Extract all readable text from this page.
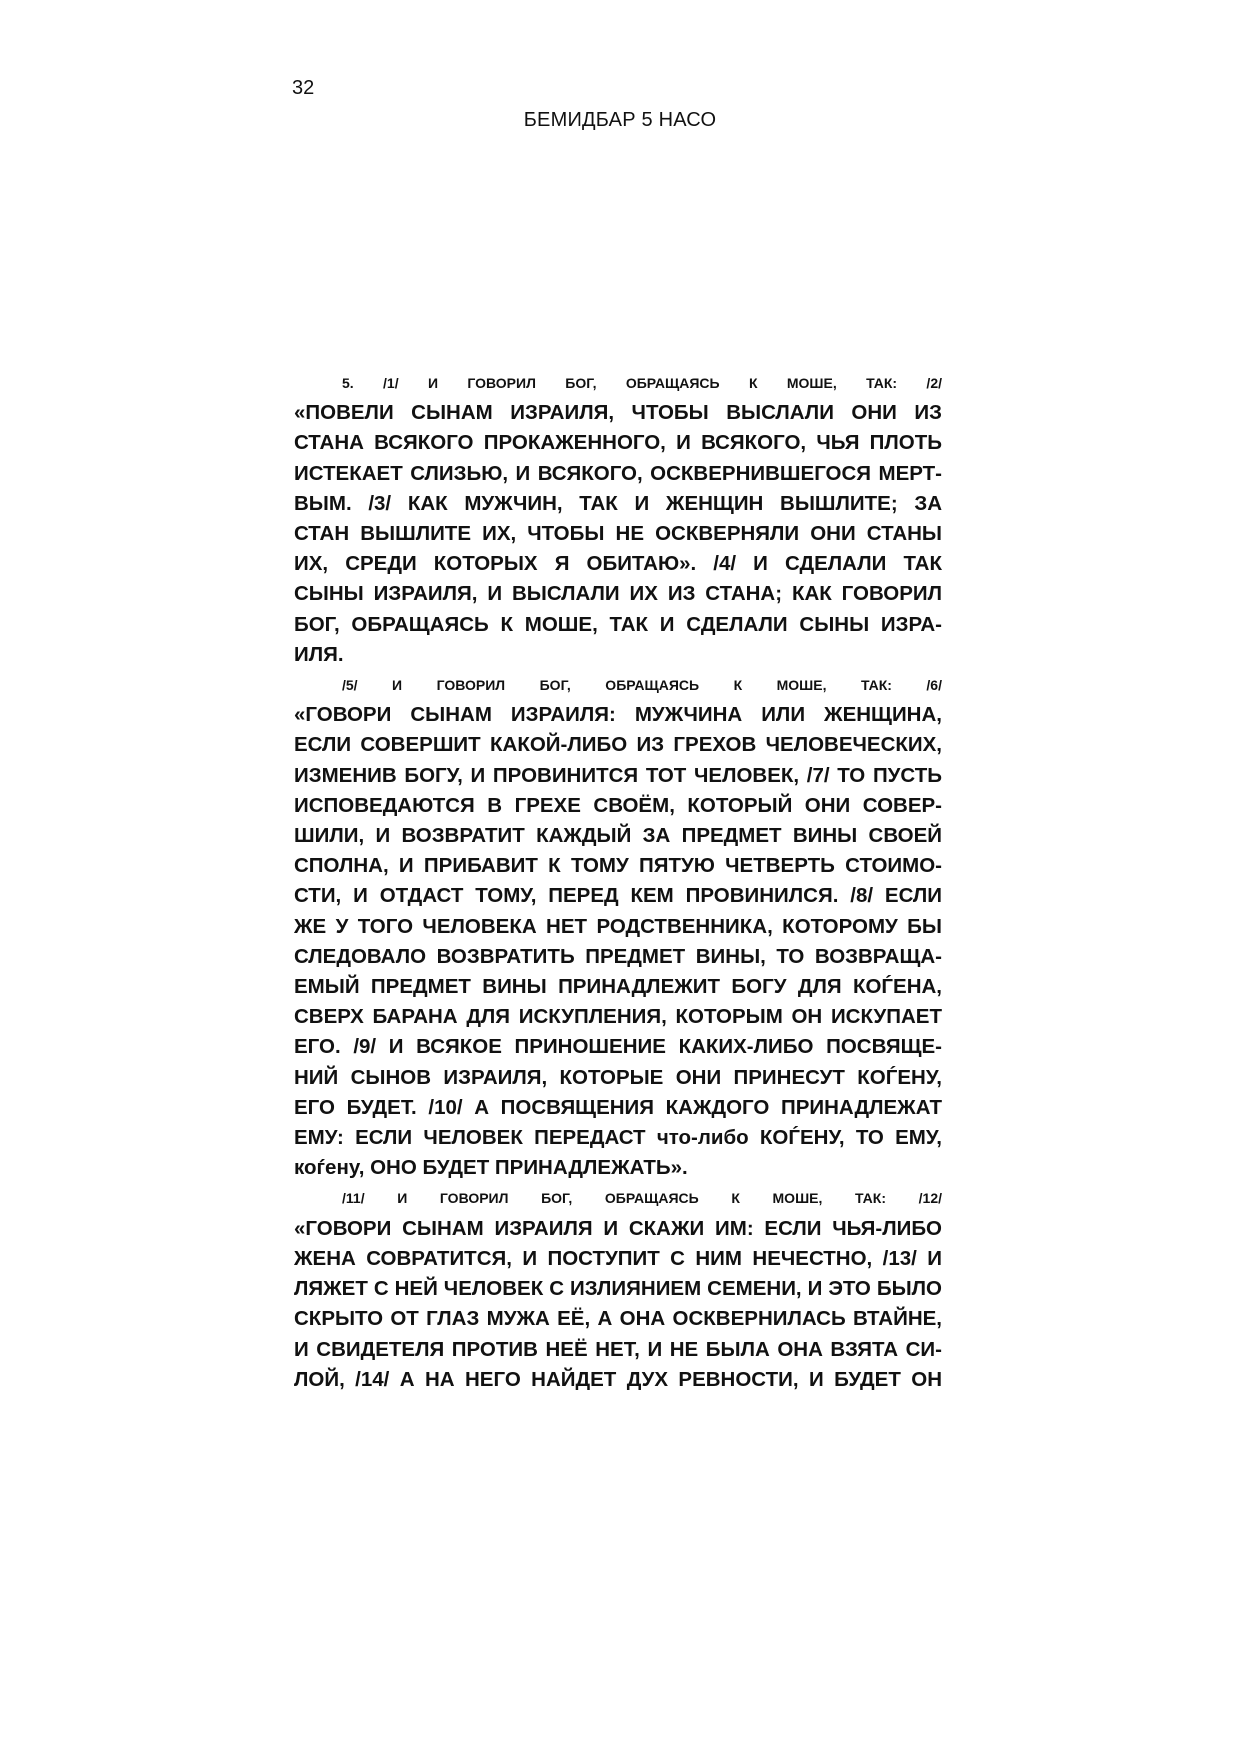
32
БЕМИДБАР 5 НАСО
5. /1/ И ГОВОРИЛ БОГ, ОБРАЩАЯСЬ К МОШЕ, ТАК: /2/
«ПОВЕЛИ СЫНАМ ИЗРАИЛЯ, ЧТОБЫ ВЫСЛАЛИ ОНИ ИЗ
СТАНА ВСЯКОГО ПРОКАЖЕННОГО, И ВСЯКОГО, ЧЬЯ ПЛОТЬ
ИСТЕКАЕТ СЛИЗЬЮ, И ВСЯКОГО, ОСКВЕРНИВШЕГОСЯ МЕРТ-
ВЫМ. /3/ КАК МУЖЧИН, ТАК И ЖЕНЩИН ВЫШЛИТЕ; ЗА
СТАН ВЫШЛИТЕ ИХ, ЧТОБЫ НЕ ОСКВЕРНЯЛИ ОНИ СТАНЫ
ИХ, СРЕДИ КОТОРЫХ Я ОБИТАЮ». /4/ И СДЕЛАЛИ ТАК
СЫНЫ ИЗРАИЛЯ, И ВЫСЛАЛИ ИХ ИЗ СТАНА; КАК ГОВОРИЛ
БОГ, ОБРАЩАЯСЬ К МОШЕ, ТАК И СДЕЛАЛИ СЫНЫ ИЗРА-
ИЛЯ.
/5/ И ГОВОРИЛ БОГ, ОБРАЩАЯСЬ К МОШЕ, ТАК: /6/
«ГОВОРИ СЫНАМ ИЗРАИЛЯ: МУЖЧИНА ИЛИ ЖЕНЩИНА,
ЕСЛИ СОВЕРШИТ КАКОЙ-ЛИБО ИЗ ГРЕХОВ ЧЕЛОВЕЧЕСКИХ,
ИЗМЕНИВ БОГУ, И ПРОВИНИТСЯ ТОТ ЧЕЛОВЕК, /7/ ТО ПУСТЬ
ИСПОВЕДАЮТСЯ В ГРЕХЕ СВОЁМ, КОТОРЫЙ ОНИ СОВЕР-
ШИЛИ, И ВОЗВРАТИТ КАЖДЫЙ ЗА ПРЕДМЕТ ВИНЫ СВОЕЙ
СПОЛНА, И ПРИБАВИТ К ТОМУ ПЯТУЮ ЧЕТВЕРТЬ СТОИМО-
СТИ, И ОТДАСТ ТОМУ, ПЕРЕД КЕМ ПРОВИНИЛСЯ. /8/ ЕСЛИ
ЖЕ У ТОГО ЧЕЛОВЕКА НЕТ РОДСТВЕННИКА, КОТОРОМУ БЫ
СЛЕДОВАЛО ВОЗВРАТИТЬ ПРЕДМЕТ ВИНЫ, ТО ВОЗВРАЩА-
ЕМЫЙ ПРЕДМЕТ ВИНЫ ПРИНАДЛЕЖИТ БОГУ ДЛЯ КОЃЕНА,
СВЕРХ БАРАНА ДЛЯ ИСКУПЛЕНИЯ, КОТОРЫМ ОН ИСКУПАЕТ
ЕГО. /9/ И ВСЯКОЕ ПРИНОШЕНИЕ КАКИХ-ЛИБО ПОСВЯЩЕ-
НИЙ СЫНОВ ИЗРАИЛЯ, КОТОРЫЕ ОНИ ПРИНЕСУТ КОЃЕНУ,
ЕГО БУДЕТ. /10/ А ПОСВЯЩЕНИЯ КАЖДОГО ПРИНАДЛЕЖАТ
ЕМУ: ЕСЛИ ЧЕЛОВЕК ПЕРЕДАСТ что-либо КОЃЕНУ, ТО ЕМУ,
коѓену, ОНО БУДЕТ ПРИНАДЛЕЖАТЬ».
/11/ И ГОВОРИЛ БОГ, ОБРАЩАЯСЬ К МОШЕ, ТАК: /12/
«ГОВОРИ СЫНАМ ИЗРАИЛЯ И СКАЖИ ИМ: ЕСЛИ ЧЬЯ-ЛИБО
ЖЕНА СОВРАТИТСЯ, И ПОСТУПИТ С НИМ НЕЧЕСТНО, /13/ И
ЛЯЖЕТ С НЕЙ ЧЕЛОВЕК С ИЗЛИЯНИЕМ СЕМЕНИ, И ЭТО БЫЛО
СКРЫТО ОТ ГЛАЗ МУЖА ЕЁ, А ОНА ОСКВЕРНИЛАСЬ ВТАЙНЕ,
И СВИДЕТЕЛЯ ПРОТИВ НЕЁ НЕТ, И НЕ БЫЛА ОНА ВЗЯТА СИ-
ЛОЙ, /14/ А НА НЕГО НАЙДЕТ ДУХ РЕВНОСТИ, И БУДЕТ ОН
